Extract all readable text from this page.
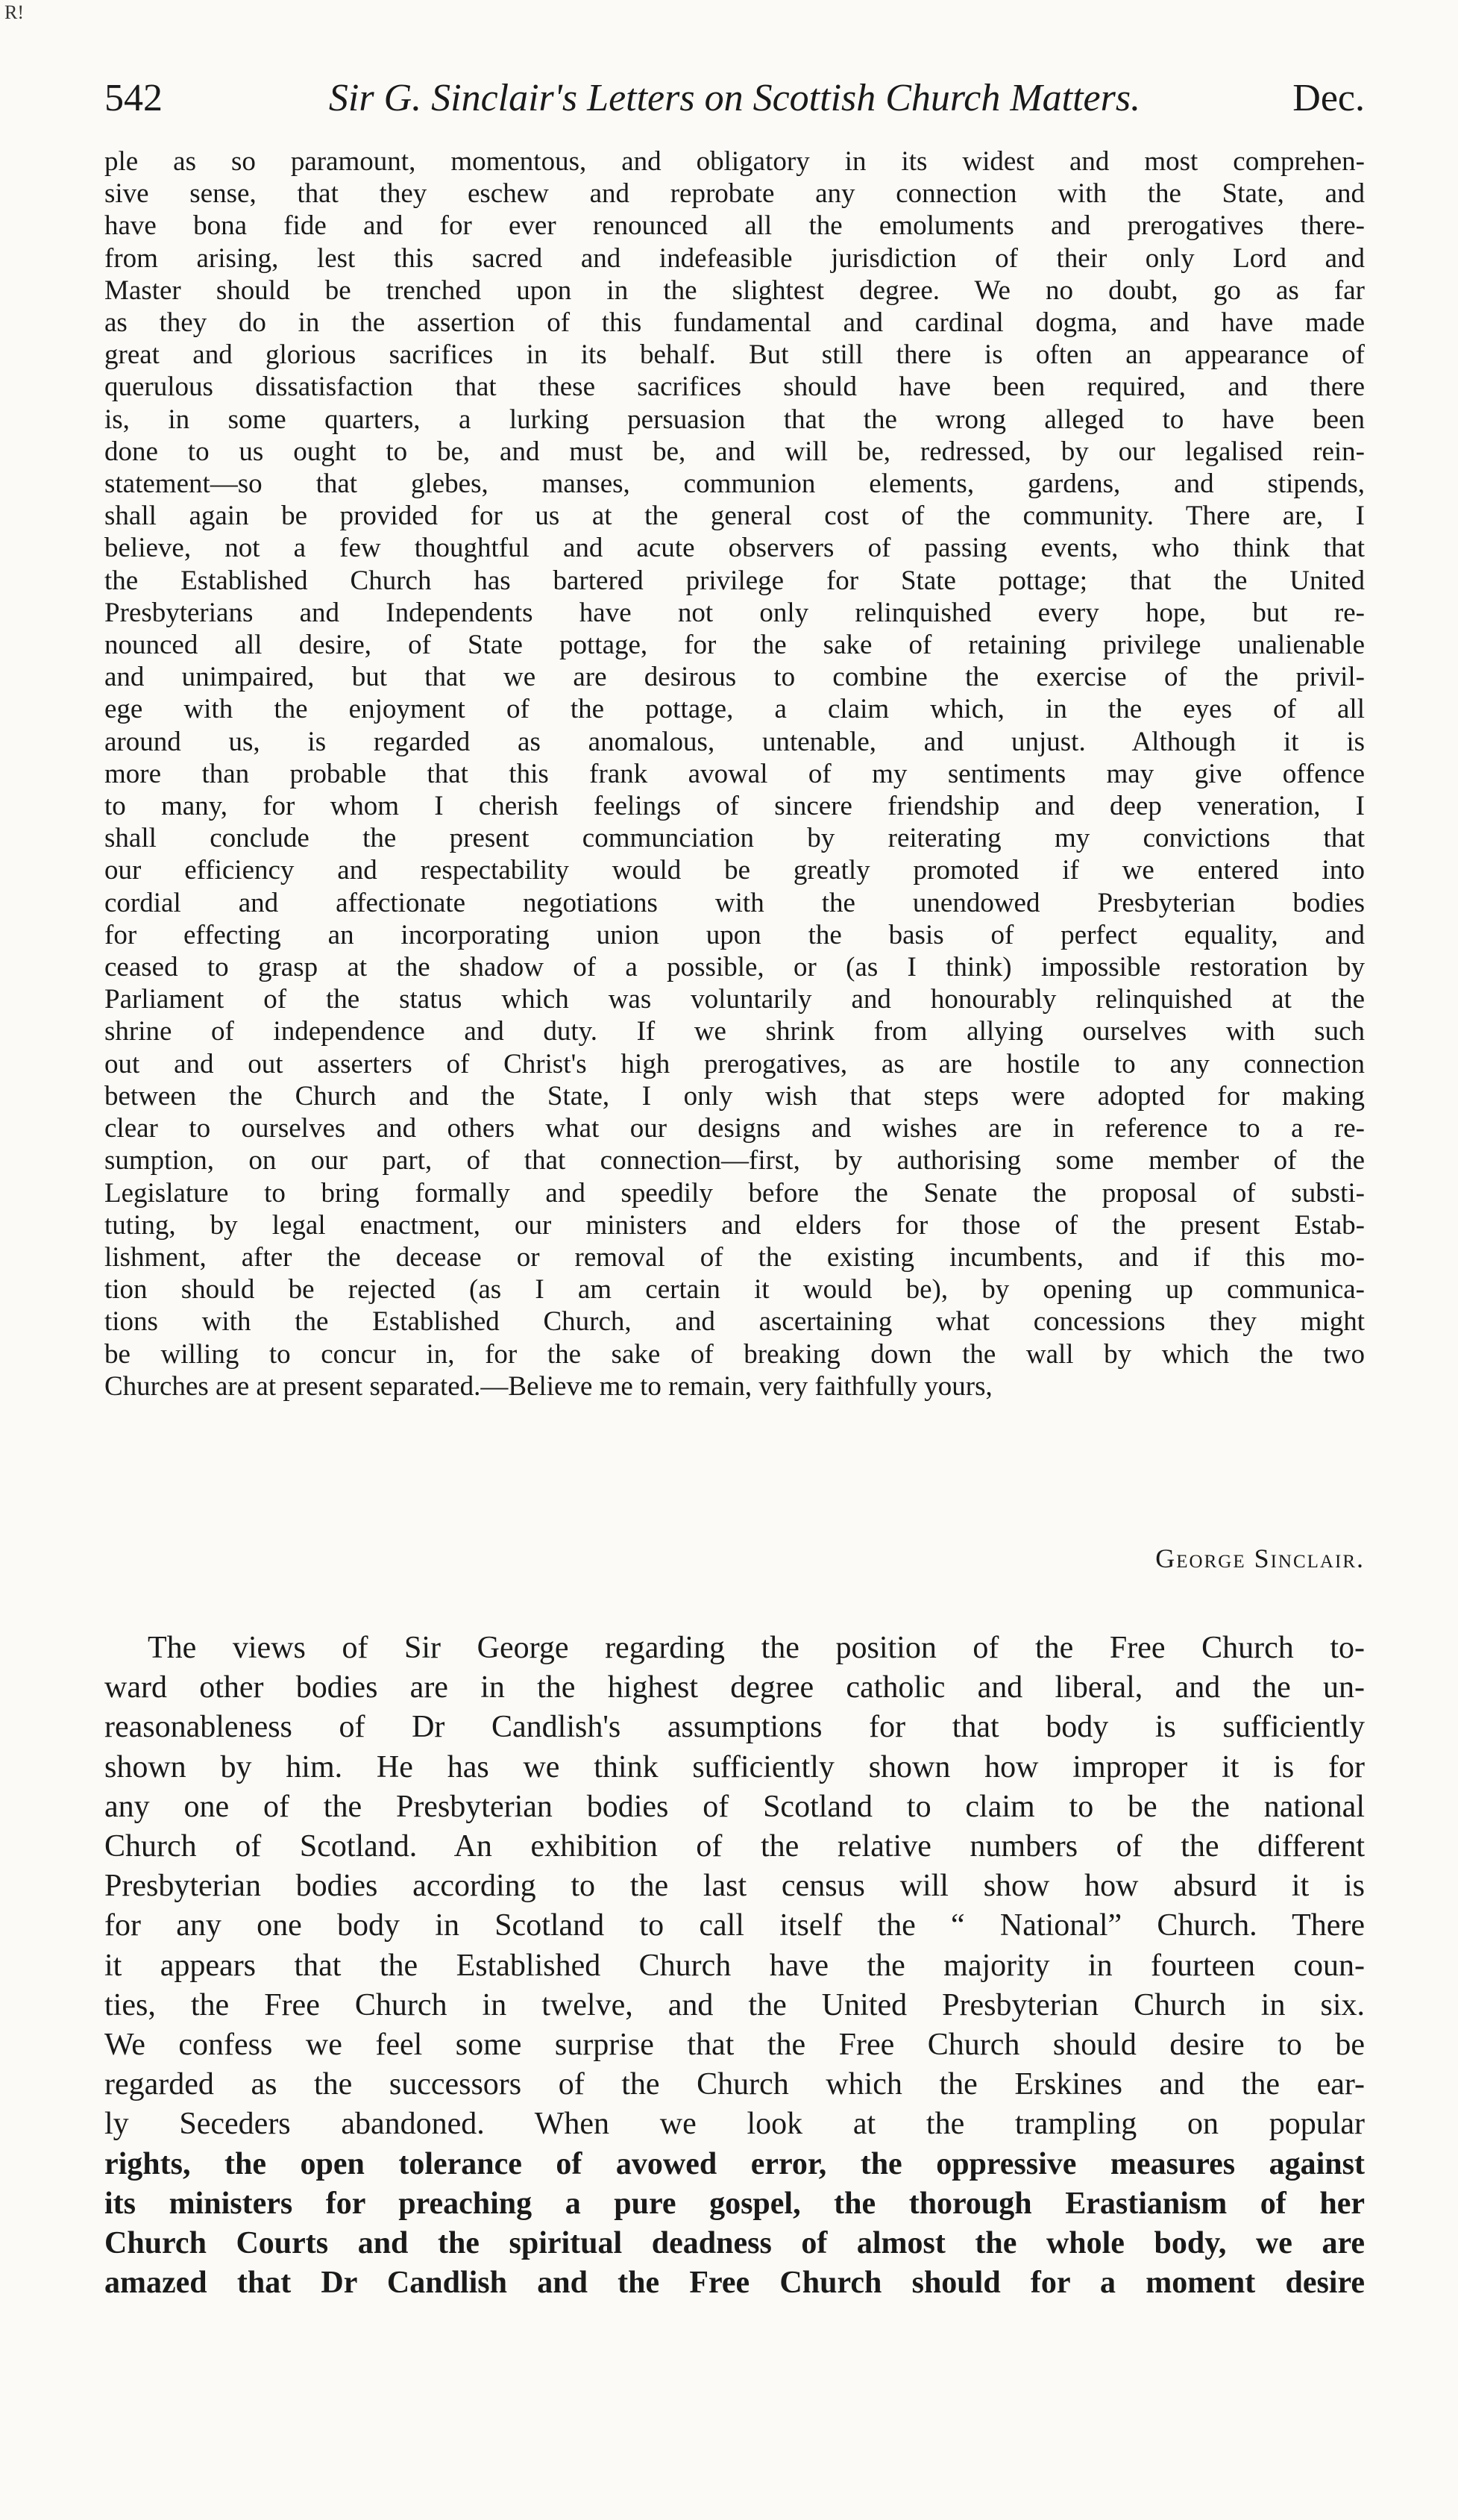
R!
542	Sir G. Sinclair's Letters on Scottish Church Matters.	Dec.
ple as so paramount, momentous, and obligatory in its widest and most comprehen-
sive sense, that they eschew and reprobate any connection with the State, and
have bona fide and for ever renounced all the emoluments and prerogatives there-
from arising, lest this sacred and indefeasible jurisdiction of their only Lord and
Master should be trenched upon in the slightest degree. We no doubt, go as far
as they do in the assertion of this fundamental and cardinal dogma, and have made
great and glorious sacrifices in its behalf. But still there is often an appearance of
querulous dissatisfaction that these sacrifices should have been required, and there
is, in some quarters, a lurking persuasion that the wrong alleged to have been
done to us ought to be, and must be, and will be, redressed, by our legalised rein-
statement—so that glebes, manses, communion elements, gardens, and stipends,
shall again be provided for us at the general cost of the community. There are, I
believe, not a few thoughtful and acute observers of passing events, who think that
the Established Church has bartered privilege for State pottage; that the United
Presbyterians and Independents have not only relinquished every hope, but re-
nounced all desire, of State pottage, for the sake of retaining privilege unalienable
and unimpaired, but that we are desirous to combine the exercise of the privil-
ege with the enjoyment of the pottage, a claim which, in the eyes of all
around us, is regarded as anomalous, untenable, and unjust. Although it is
more than probable that this frank avowal of my sentiments may give offence
to many, for whom I cherish feelings of sincere friendship and deep veneration, I
shall conclude the present communciation by reiterating my convictions that
our efficiency and respectability would be greatly promoted if we entered into
cordial and affectionate negotiations with the unendowed Presbyterian bodies
for effecting an incorporating union upon the basis of perfect equality, and
ceased to grasp at the shadow of a possible, or (as I think) impossible restoration by
Parliament of the status which was voluntarily and honourably relinquished at the
shrine of independence and duty. If we shrink from allying ourselves with such
out and out asserters of Christ's high prerogatives, as are hostile to any connection
between the Church and the State, I only wish that steps were adopted for making
clear to ourselves and others what our designs and wishes are in reference to a re-
sumption, on our part, of that connection—first, by authorising some member of the
Legislature to bring formally and speedily before the Senate the proposal of substi-
tuting, by legal enactment, our ministers and elders for those of the present Estab-
lishment, after the decease or removal of the existing incumbents, and if this mo-
tion should be rejected (as I am certain it would be), by opening up communica-
tions with the Established Church, and ascertaining what concessions they might
be willing to concur in, for the sake of breaking down the wall by which the two
Churches are at present separated.—Believe me to remain, very faithfully yours,
George Sinclair.
The views of Sir George regarding the position of the Free Church to-
ward other bodies are in the highest degree catholic and liberal, and the un-
reasonableness of Dr Candlish's assumptions for that body is sufficiently
shown by him. He has we think sufficiently shown how improper it is for
any one of the Presbyterian bodies of Scotland to claim to be the national
Church of Scotland. An exhibition of the relative numbers of the different
Presbyterian bodies according to the last census will show how absurd it is
for any one body in Scotland to call itself the “ National” Church. There
it appears that the Established Church have the majority in fourteen coun-
ties, the Free Church in twelve, and the United Presbyterian Church in six.
We confess we feel some surprise that the Free Church should desire to be
regarded as the successors of the Church which the Erskines and the ear-
ly Seceders abandoned. When we look at the trampling on popular
rights, the open tolerance of avowed error, the oppressive measures against
its ministers for preaching a pure gospel, the thorough Erastianism of her
Church Courts and the spiritual deadness of almost the whole body, we are
amazed that Dr Candlish and the Free Church should for a moment desire
